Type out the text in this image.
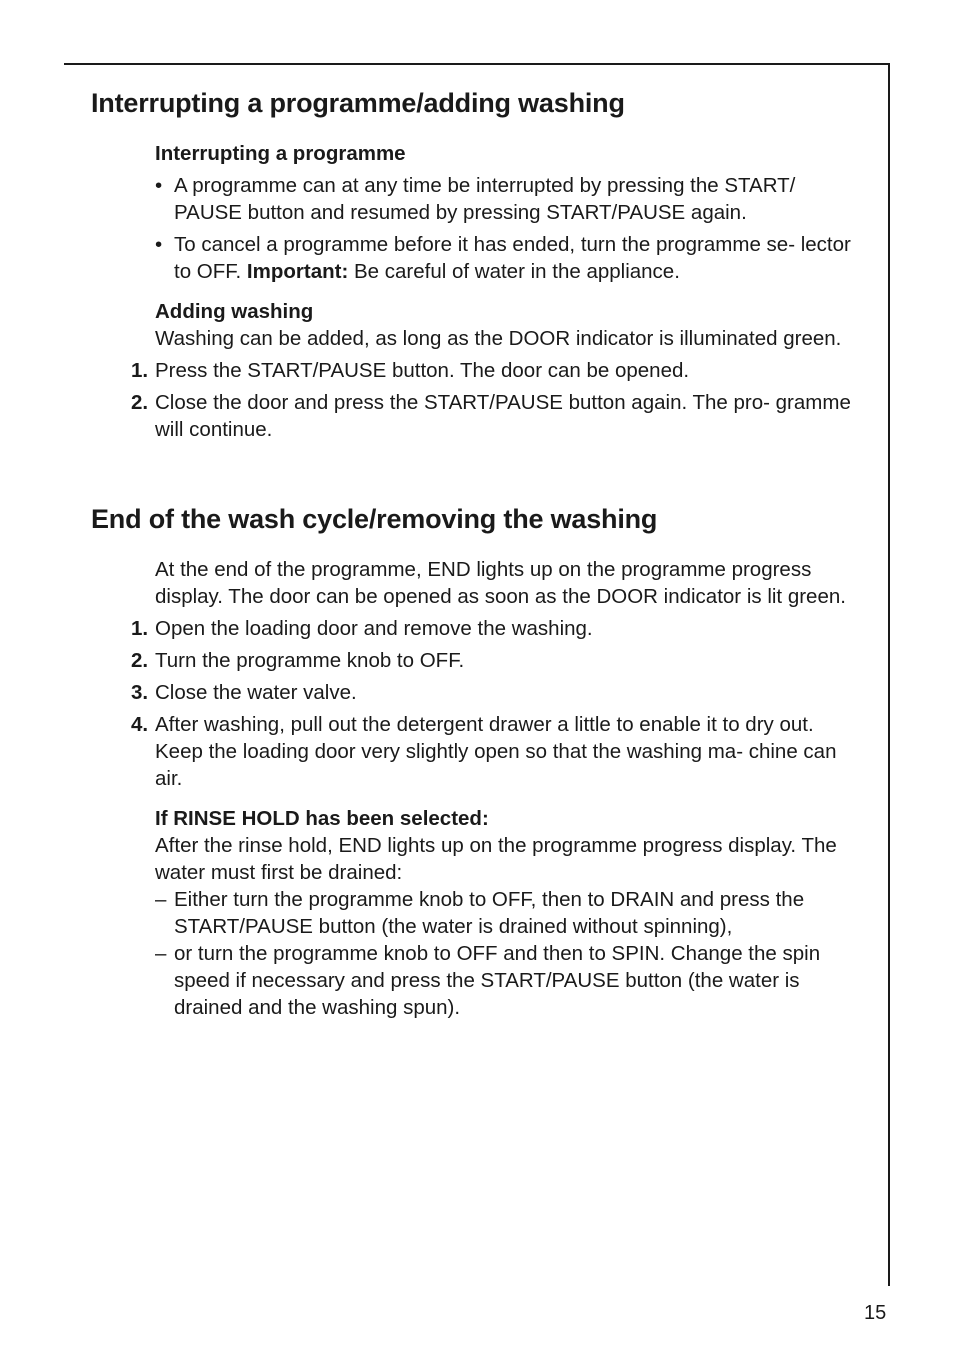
Interrupting a programme/adding washing

Interrupting a programme

• A programme can at any time be interrupted by pressing the START/ PAUSE button and resumed by pressing START/PAUSE again.
• To cancel a programme before it has ended, turn the programme se- lector to OFF. Important: Be careful of water in the appliance.

Adding washing

Washing can be added, as long as the DOOR indicator is illuminated green.

1. Press the START/PAUSE button. The door can be opened.
2. Close the door and press the START/PAUSE button again. The pro- gramme will continue.
End of the wash cycle/removing the washing

At the end of the programme, END lights up on the programme progress display. The door can be opened as soon as the DOOR indicator is lit green.

1. Open the loading door and remove the washing.
2. Turn the programme knob to OFF.
3. Close the water valve.
4. After washing, pull out the detergent drawer a little to enable it to dry out. Keep the loading door very slightly open so that the washing ma- chine can air.

If RINSE HOLD has been selected:

After the rinse hold, END lights up on the programme progress display. The water must first be drained:

– Either turn the programme knob to OFF, then to DRAIN and press the START/PAUSE button (the water is drained without spinning),
– or turn the programme knob to OFF and then to SPIN. Change the spin speed if necessary and press the START/PAUSE button (the water is drained and the washing spun).
15
